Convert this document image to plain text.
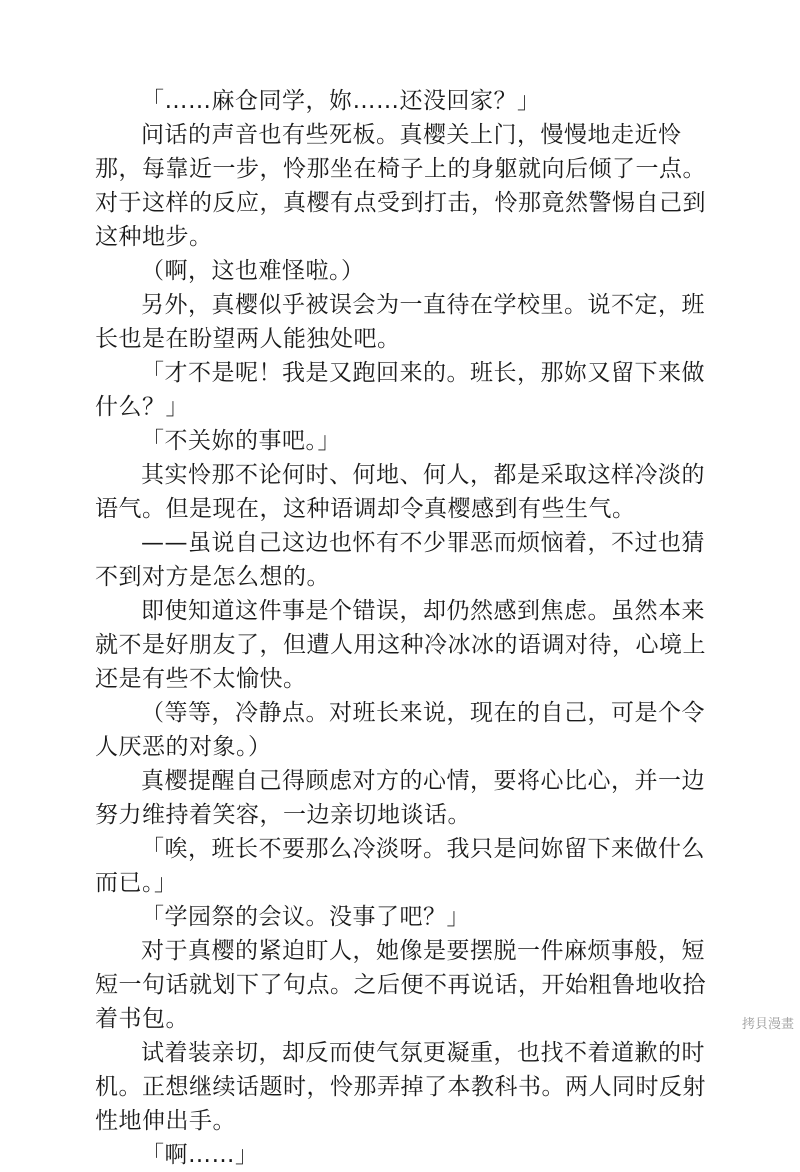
「……麻仓同学，妳……还没回家？」

问话的声音也有些死板。真樱关上门，慢慢地走近怜那，每靠近一步，怜那坐在椅子上的身躯就向后倾了一点。对于这样的反应，真樱有点受到打击，怜那竟然警惕自己到这种地步。

（啊，这也难怪啦。）

另外，真樱似乎被误会为一直待在学校里。说不定，班长也是在盼望两人能独处吧。

「才不是呢！我是又跑回来的。班长，那妳又留下来做什么？」

「不关妳的事吧。」

其实怜那不论何时、何地、何人，都是采取这样冷淡的语气。但是现在，这种语调却令真樱感到有些生气。

——虽说自己这边也怀有不少罪恶而烦恼着，不过也猜不到对方是怎么想的。

即使知道这件事是个错误，却仍然感到焦虑。虽然本来就不是好朋友了，但遭人用这种冷冰冰的语调对待，心境上还是有些不太愉快。

（等等，冷静点。对班长来说，现在的自己，可是个令人厌恶的对象。）

真樱提醒自己得顾虑对方的心情，要将心比心，并一边努力维持着笑容，一边亲切地谈话。

「唉，班长不要那么冷淡呀。我只是问妳留下来做什么而已。」

「学园祭的会议。没事了吧？」

对于真樱的紧迫盯人，她像是要摆脱一件麻烦事般，短短一句话就划下了句点。之后便不再说话，开始粗鲁地收拾着书包。

试着装亲切，却反而使气氛更凝重，也找不着道歉的时机。正想继续话题时，怜那弄掉了本教科书。两人同时反射性地伸出手。

「啊……」

拷貝漫畫
